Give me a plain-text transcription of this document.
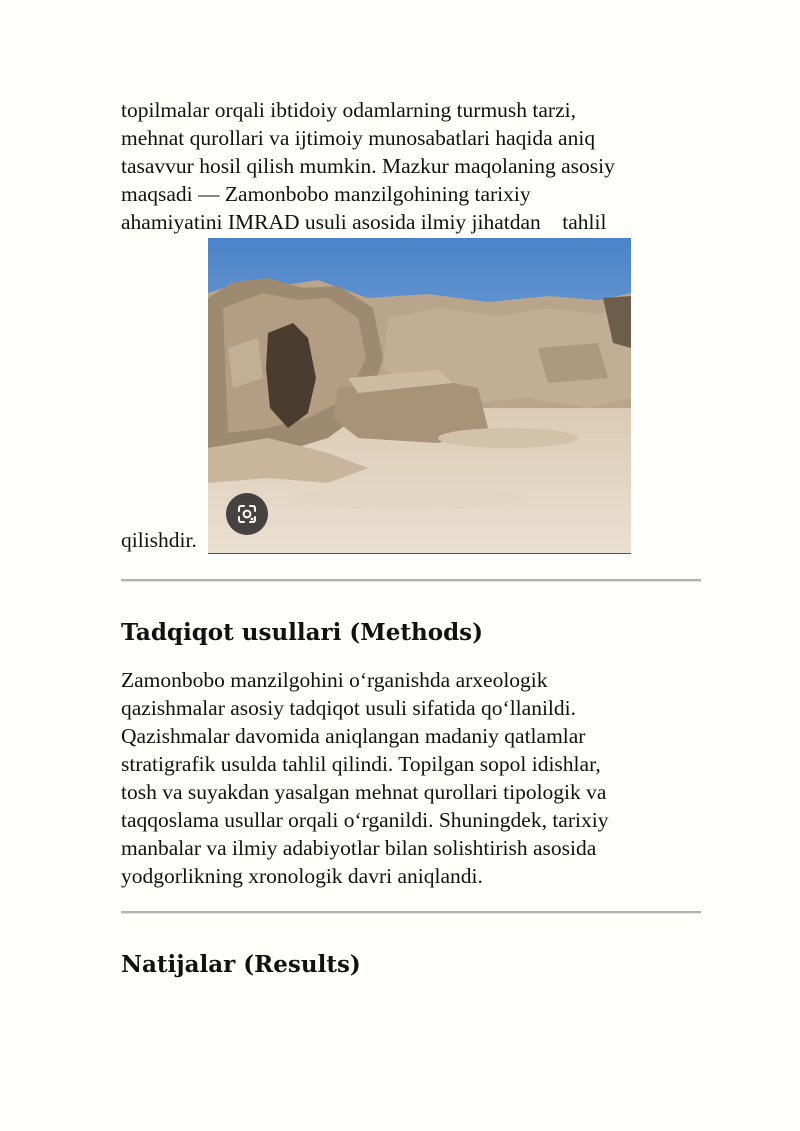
topilmalar orqali ibtidoiy odamlarning turmush tarzi,

mehnat qurollari va ijtimoiy munosabatlari haqida aniq

tasavvur hosil qilish mumkin. Mazkur maqolaning asosiy

maqsadi — Zamonbobo manzilgohining tarixiy

ahamiyatini IMRAD usuli asosida ilmiy jihatdan    tahlil

qilishdir.
Tadqiqot usullari (Methods)

Zamonbobo manzilgohini o‘rganishda arxeologik

qazishmalar asosiy tadqiqot usuli sifatida qo‘llanildi.

Qazishmalar davomida aniqlangan madaniy qatlamlar

stratigrafik usulda tahlil qilindi. Topilgan sopol idishlar,

tosh va suyakdan yasalgan mehnat qurollari tipologik va

taqqoslama usullar orqali o‘rganildi. Shuningdek, tarixiy

manbalar va ilmiy adabiyotlar bilan solishtirish asosida

yodgorlikning xronologik davri aniqlandi.

Natijalar (Results)
